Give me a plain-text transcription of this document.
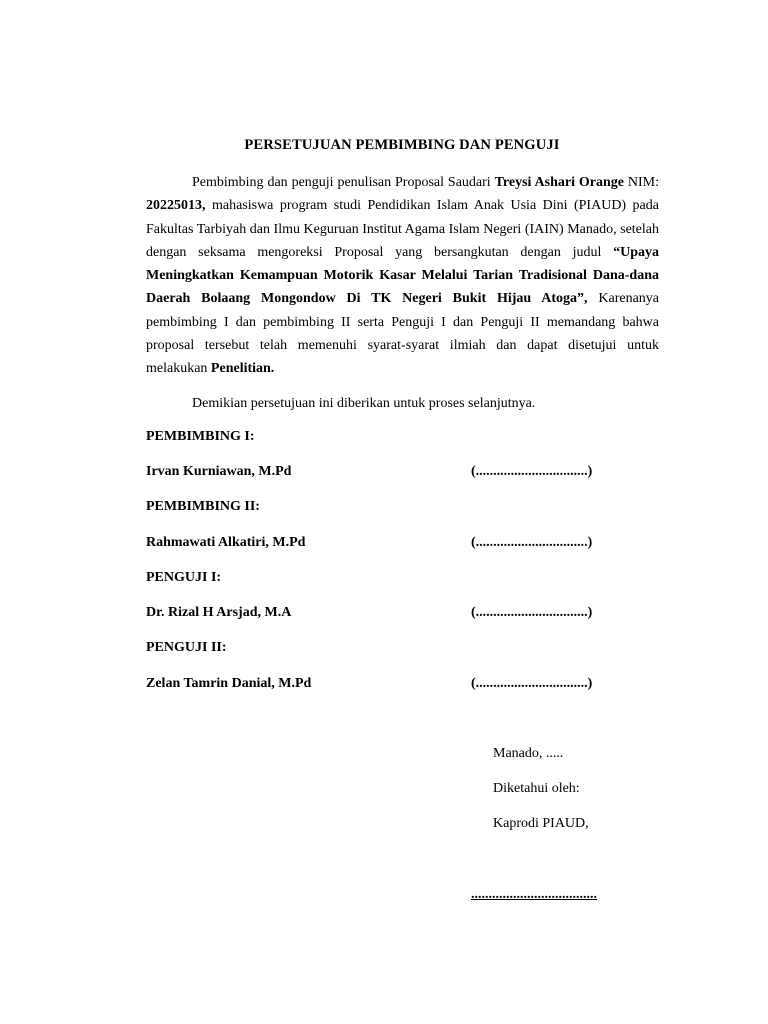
PERSETUJUAN PEMBIMBING DAN PENGUJI

Pembimbing dan penguji penulisan Proposal Saudari Treysi Ashari Orange NIM: 20225013, mahasiswa program studi Pendidikan Islam Anak Usia Dini (PIAUD) pada Fakultas Tarbiyah dan Ilmu Keguruan Institut Agama Islam Negeri (IAIN) Manado, setelah dengan seksama mengoreksi Proposal yang bersangkutan dengan judul “Upaya Meningkatkan Kemampuan Motorik Kasar Melalui Tarian Tradisional Dana-dana Daerah Bolaang Mongondow Di TK Negeri Bukit Hijau Atoga”, Karenanya pembimbing I dan pembimbing II serta Penguji I dan Penguji II memandang bahwa proposal tersebut telah memenuhi syarat-syarat ilmiah dan dapat disetujui untuk melakukan Penelitian.

Demikian persetujuan ini diberikan untuk proses selanjutnya.

PEMBIMBING I:
Irvan Kurniawan, M.Pd	(................................)
PEMBIMBING II:
Rahmawati Alkatiri, M.Pd	(................................)
PENGUJI I:
Dr. Rizal H Arsjad, M.A	(................................)
PENGUJI II:
Zelan Tamrin Danial, M.Pd	(................................)
Manado, .....
Diketahui oleh:
Kaprodi PIAUD,
....................................
